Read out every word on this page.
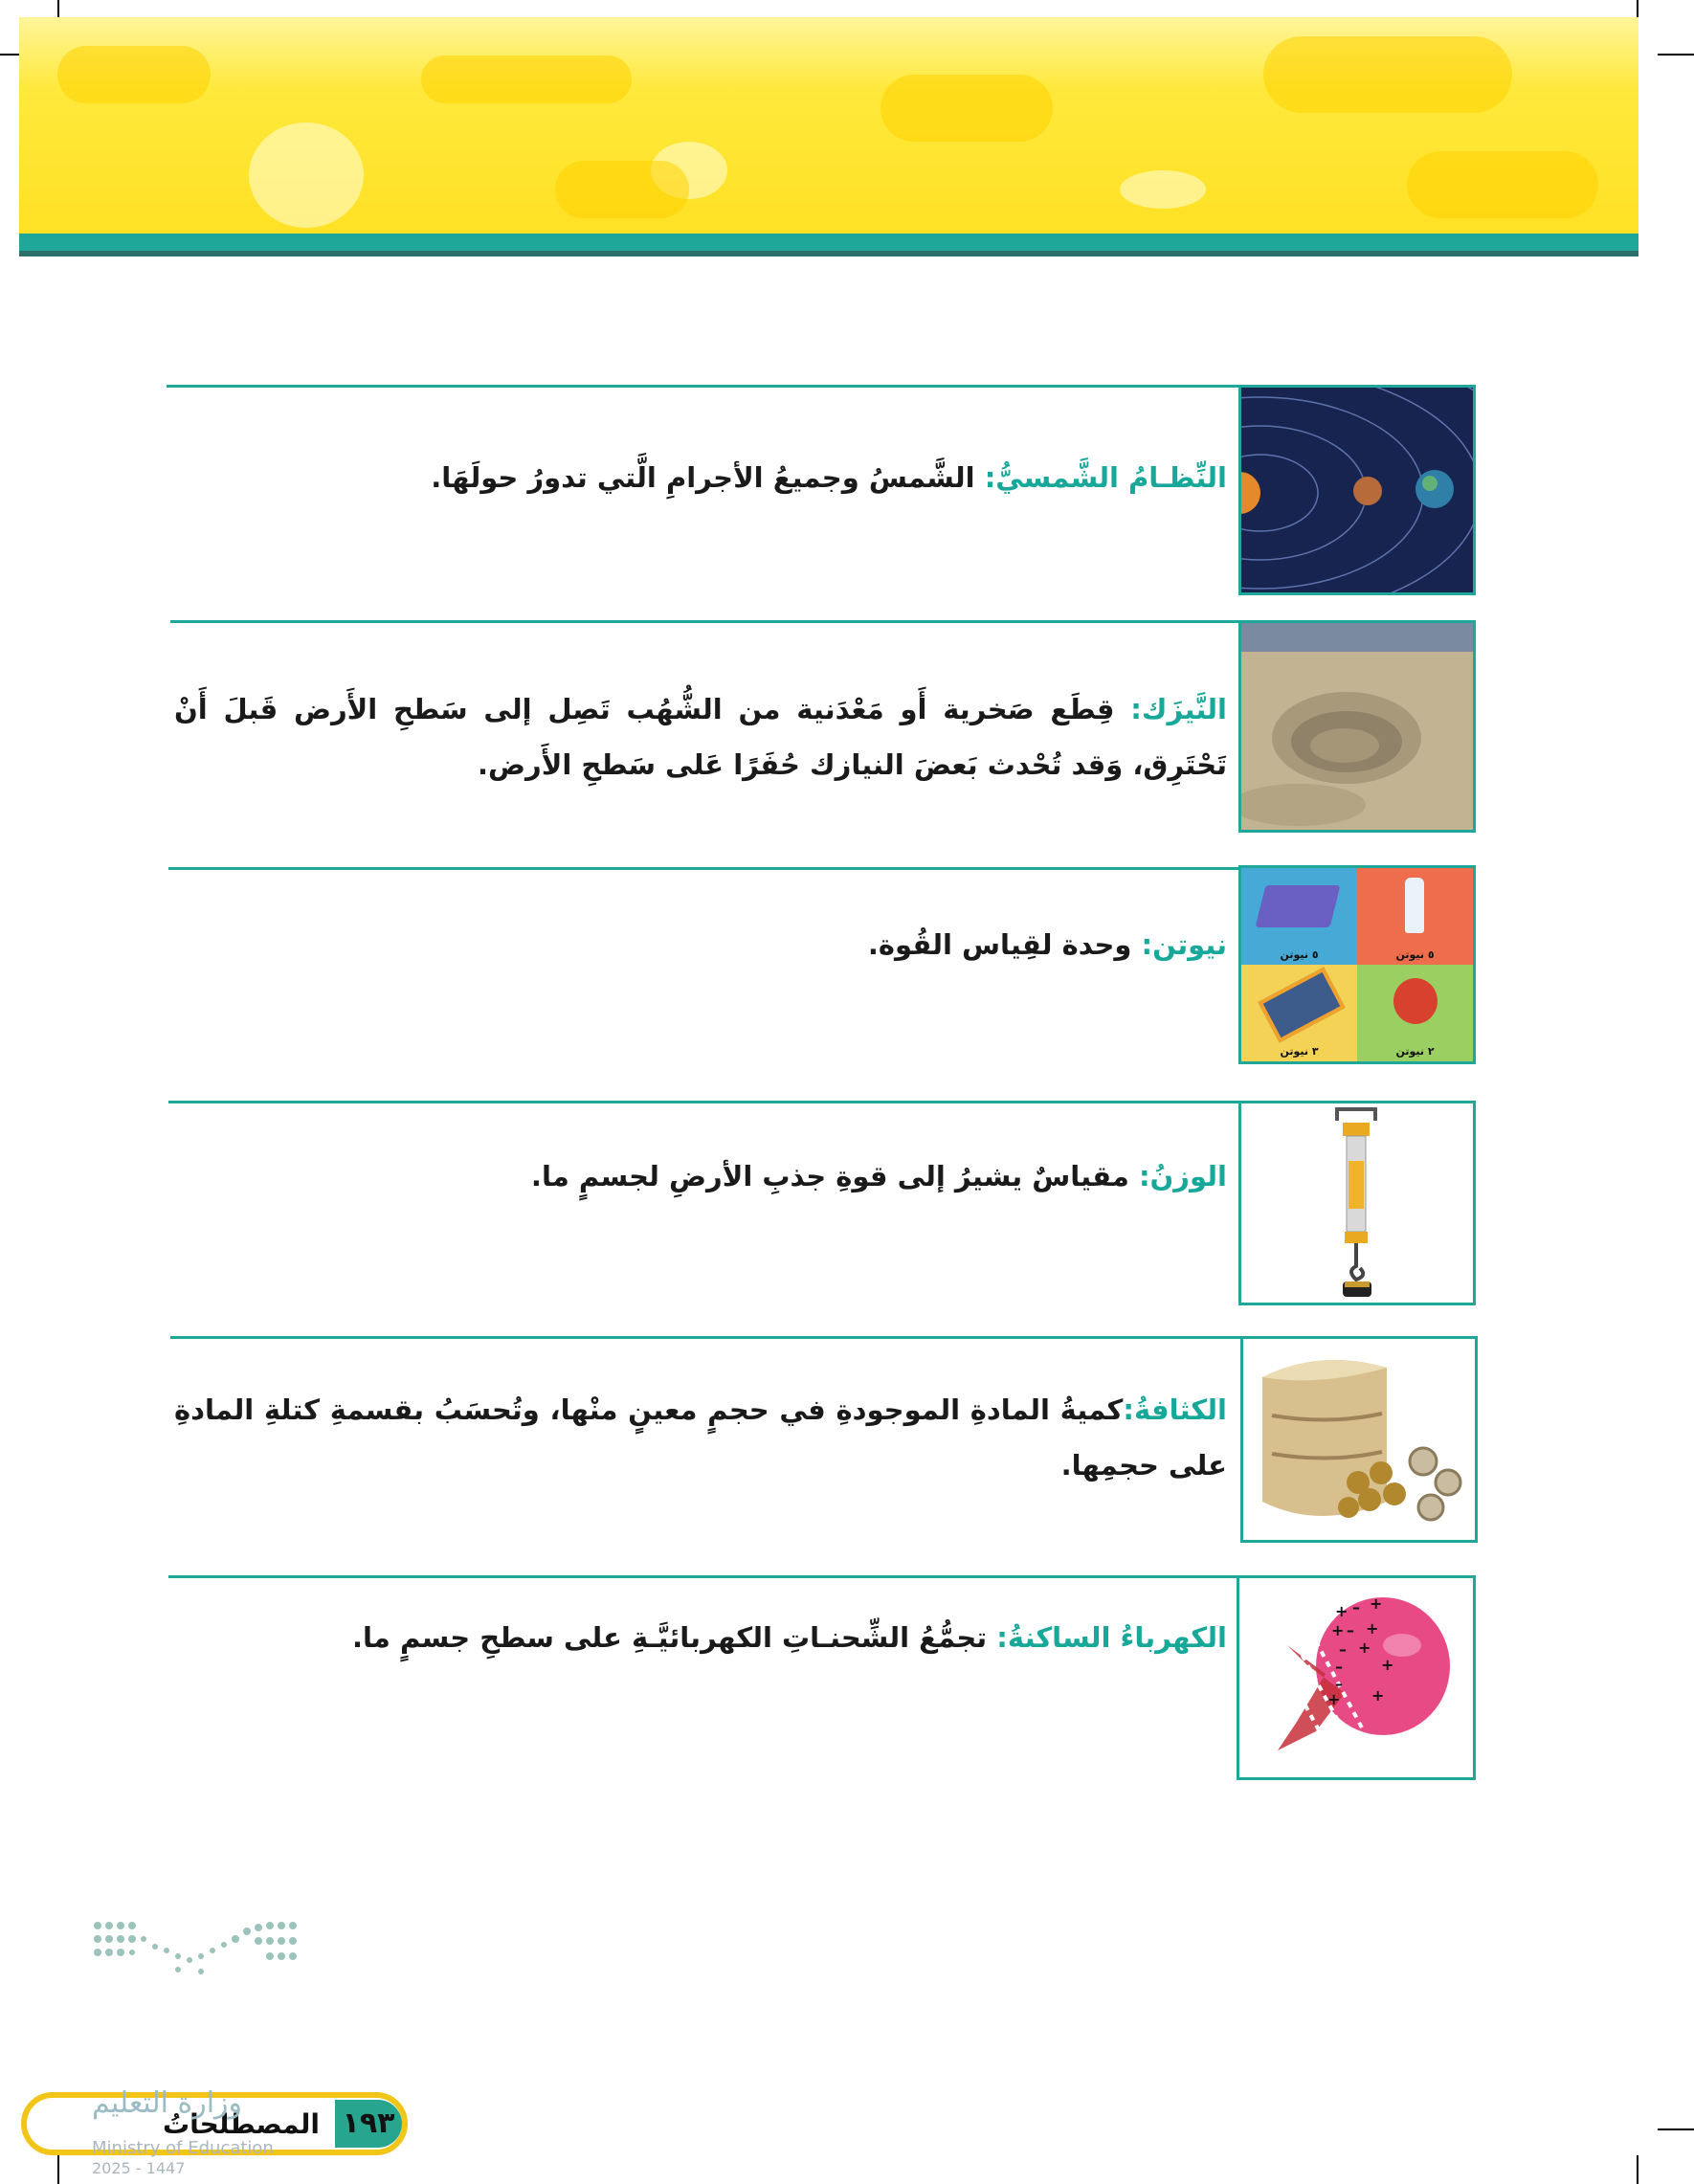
النِّظـامُ الشَّمسيُّ: الشَّمسُ وجميعُ الأجرامِ الَّتي تدورُ حولَهَا.
النَّيزَك: قِطَع صَخرية أَو مَعْدَنية من الشُّهُب تَصِل إلى سَطحِ الأَرض قَبلَ أَنْ تَحْتَرِق، وَقد تُحْدث بَعضَ النيازك حُفَرًا عَلى سَطحِ الأَرض.
٥ نيوتن	٥ نيوتن
٣ نيوتن	٢ نيوتن
نيوتن: وحدة لقِياس القُوة.
الوزنُ: مقياسٌ يشيرُ إلى قوةِ جذبِ الأرضِ لجسمٍ ما.
الكثافةُ:كميةُ المادةِ الموجودةِ في حجمٍ معينٍ منْها، وتُحسَبُ بقسمةِ كتلةِ المادةِ على حجمِها.
+ – +
+ – +
– +
–	+
–
+ +
الكهرباءُ الساكنةُ: تجمُّعُ الشِّحنـاتِ الكهربائيَّـةِ على سطحِ جسمٍ ما.
١٩٣
المصطلحاتُ
وزارة التعليم
Ministry of Education
2025 - 1447
